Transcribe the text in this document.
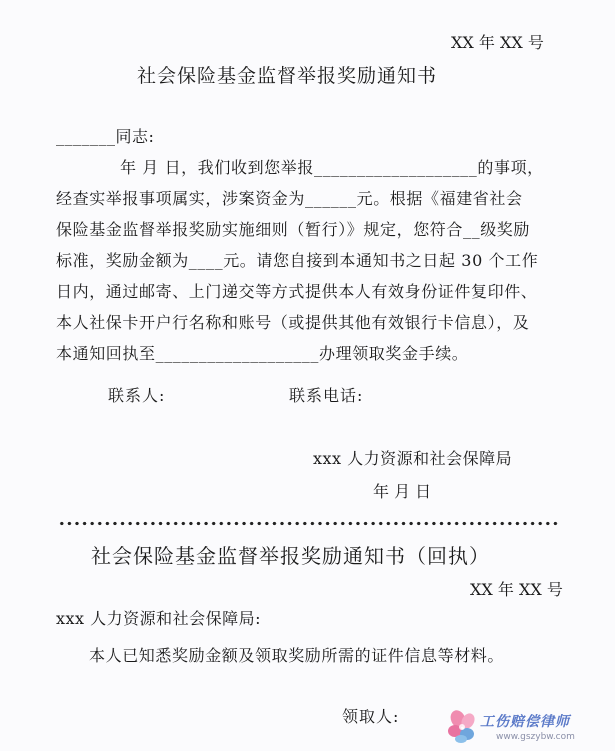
XX 年 XX 号
社会保险基金监督举报奖励通知书
_______同志:
年 月 日，我们收到您举报___________________的事项，
经查实举报事项属实，涉案资金为______元。根据《福建省社会
保险基金监督举报奖励实施细则（暂行）》规定，您符合__级奖励
标准，奖励金额为____元。请您自接到本通知书之日起 30 个工作
日内，通过邮寄、上门递交等方式提供本人有效身份证件复印件、
本人社保卡开户行名称和账号（或提供其他有效银行卡信息），及
本通知回执至___________________办理领取奖金手续。
联系人:	联系电话:
xxx 人力资源和社会保障局
年 月 日
社会保险基金监督举报奖励通知书（回执）
XX 年 XX 号
xxx 人力资源和社会保障局:
本人已知悉奖励金额及领取奖励所需的证件信息等材料。
领取人:	工伤赔偿律师
www.gszybw.com
